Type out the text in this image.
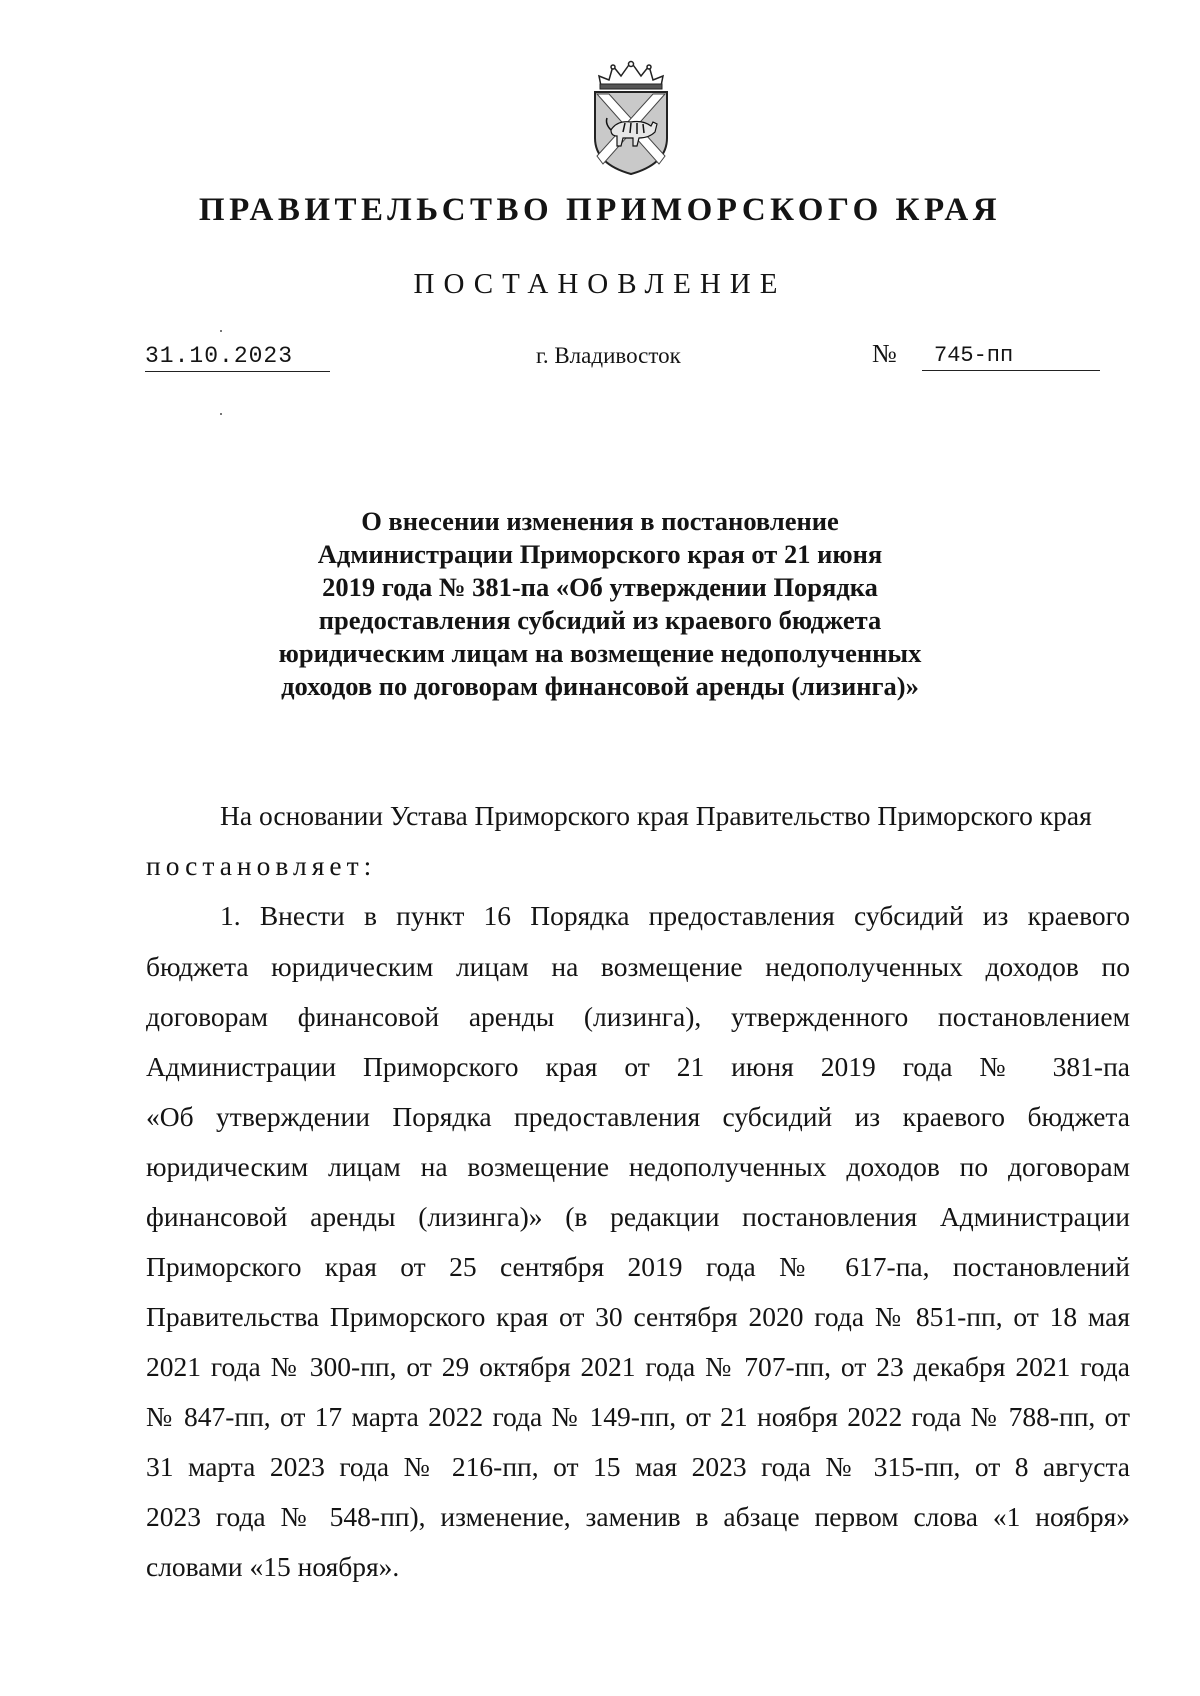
ПРАВИТЕЛЬСТВО ПРИМОРСКОГО КРАЯ
ПОСТАНОВЛЕНИЕ
31.10.2023	г. Владивосток	№	745-пп
О внесении изменения в постановление
Администрации Приморского края от 21 июня
2019 года № 381-па «Об утверждении Порядка
предоставления субсидий из краевого бюджета
юридическим лицам на возмещение недополученных
доходов по договорам финансовой аренды (лизинга)»
На основании Устава Приморского края Правительство Приморского края
постановляет:
1. Внести в пункт 16 Порядка предоставления субсидий из краевого
бюджета юридическим лицам на возмещение недополученных доходов по
договорам финансовой аренды (лизинга), утвержденного постановлением
Администрации Приморского края от 21 июня 2019 года № 381-па
«Об утверждении Порядка предоставления субсидий из краевого бюджета
юридическим лицам на возмещение недополученных доходов по договорам
финансовой аренды (лизинга)» (в редакции постановления Администрации
Приморского края от 25 сентября 2019 года № 617-па, постановлений
Правительства Приморского края от 30 сентября 2020 года № 851-пп, от 18 мая
2021 года № 300-пп, от 29 октября 2021 года № 707-пп, от 23 декабря 2021 года
№ 847-пп, от 17 марта 2022 года № 149-пп, от 21 ноября 2022 года № 788-пп, от
31 марта 2023 года № 216-пп, от 15 мая 2023 года № 315-пп, от 8 августа
2023 года № 548-пп), изменение, заменив в абзаце первом слова «1 ноября»
словами «15 ноября».
